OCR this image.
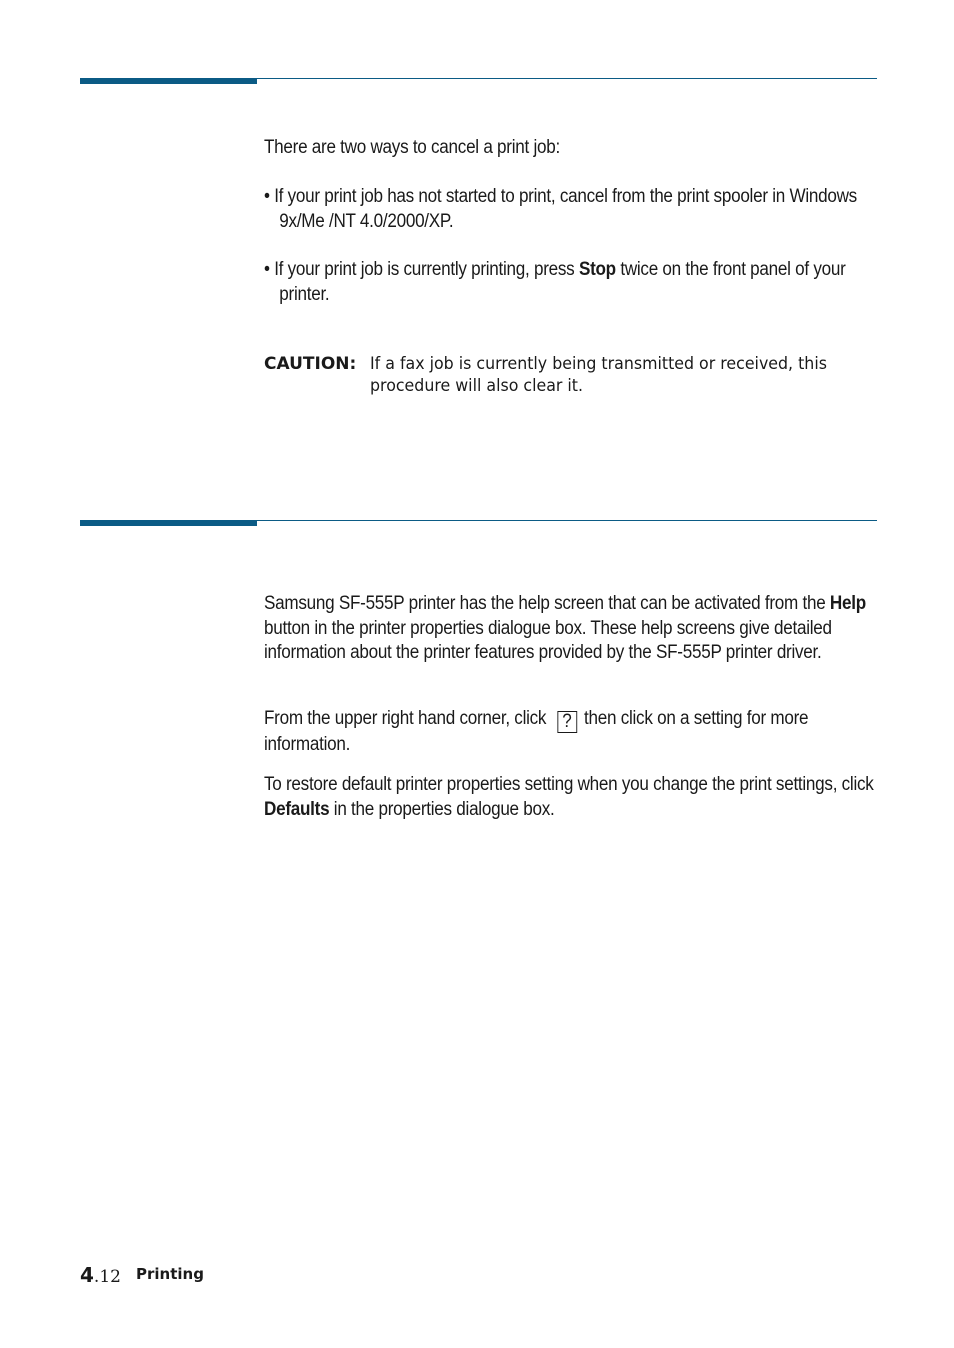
There are two ways to cancel a print job:
• If your print job has not started to print, cancel from the print spooler in Windows 9x/Me /NT 4.0/2000/XP.
• If your print job is currently printing, press Stop twice on the front panel of your printer.
CAUTION: If a fax job is currently being transmitted or received, this procedure will also clear it.
Samsung SF-555P printer has the help screen that can be activated from the Help button in the printer properties dialogue box. These help screens give detailed information about the printer features provided by the SF-555P printer driver.
From the upper right hand corner, click ? then click on a setting for more information.
To restore default printer properties setting when you change the print settings, click Defaults in the properties dialogue box.
4.12 Printing
